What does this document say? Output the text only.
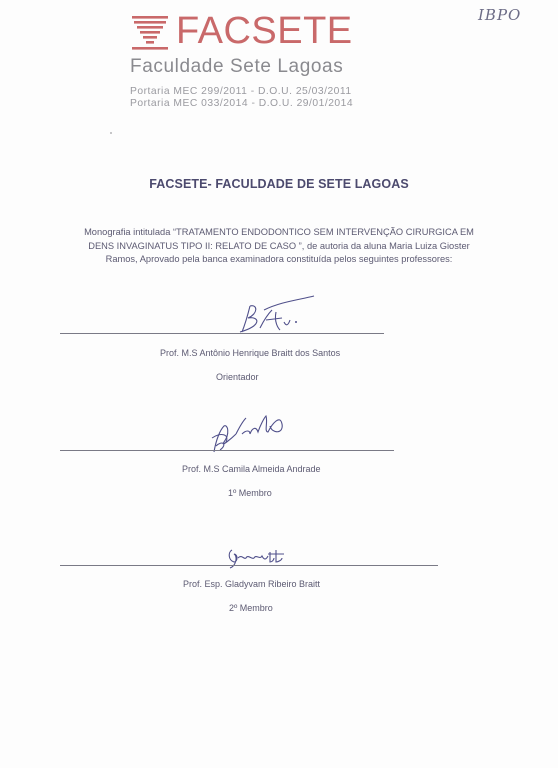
IBPO
FACSETE
Faculdade Sete Lagoas
Portaria MEC 299/2011 - D.O.U. 25/03/2011
Portaria MEC 033/2014 - D.O.U. 29/01/2014
FACSETE- FACULDADE DE SETE LAGOAS
Monografia intitulada “TRATAMENTO ENDODONTICO SEM INTERVENÇÃO CIRURGICA EM
DENS INVAGINATUS TIPO II: RELATO DE CASO ”, de autoria da aluna Maria Luiza Gioster
Ramos, Aprovado pela banca examinadora constituída pelos seguintes professores:
Prof. M.S Antônio Henrique Braitt dos Santos
Orientador
Prof. M.S Camila Almeida Andrade
1º Membro
Prof. Esp. Gladyvam Ribeiro Braitt
2º Membro
